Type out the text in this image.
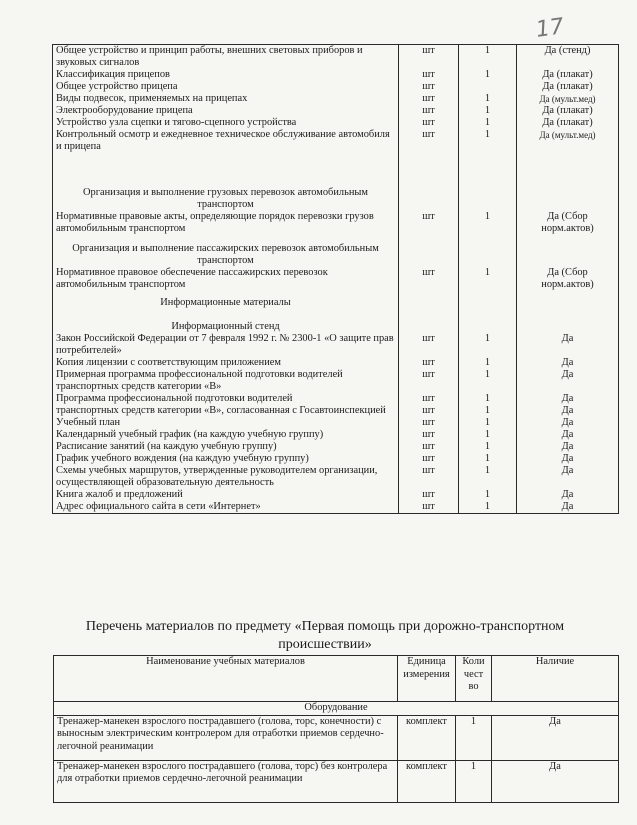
17
Общее устройство и принцип работы, внешних световых приборов и звуковых сигналов	шт	1	Да (стенд)
Классификация прицепов	шт	1	Да (плакат)
Общее устройство прицепа	шт		Да (плакат)
Виды подвесок, применяемых на прицепах	шт	1	Да (мульт.мед)
Электрооборудование прицепа	шт	1	Да (плакат)
Устройство узла сцепки и тягово-сцепного устройства	шт	1	Да (плакат)
Контрольный осмотр и ежедневное техническое обслуживание автомобиля и прицепа	шт	1	Да (мульт.мед)

Организация и выполнение грузовых перевозок автомобильным транспортом			
Нормативные правовые акты, определяющие порядок перевозки грузов автомобильным транспортом	шт	1	Да (Сбор норм.актов)
Организация и выполнение пассажирских перевозок автомобильным транспортом			
Нормативное правовое обеспечение пассажирских перевозок автомобильным транспортом	шт	1	Да (Сбор норм.актов)
Информационные материалы			
Информационный стенд			
Закон Российской Федерации от 7 февраля 1992 г. № 2300-1 «О защите прав потребителей»	шт	1	Да
Копия лицензии с соответствующим приложением	шт	1	Да
Примерная программа профессиональной подготовки водителей транспортных средств категории «В»	шт	1	Да
Программа профессиональной подготовки водителей	шт	1	Да
транспортных средств категории «В», согласованная с Госавтоинспекцией	шт	1	Да
Учебный план	шт	1	Да
Календарный учебный график (на каждую учебную группу)	шт	1	Да
Расписание занятий (на каждую учебную группу)	шт	1	Да
График учебного вождения (на каждую учебную группу)	шт	1	Да
Схемы учебных маршрутов, утвержденные руководителем организации, осуществляющей образовательную деятельность	шт	1	Да
Книга жалоб и предложений	шт	1	Да
Адрес официального сайта в сети «Интернет»	шт	1	Да
Перечень материалов по предмету «Первая помощь при дорожно-транспортном происшествии»
Наименование учебных материалов	Единица измерения	Коли чест во	Наличие
Оборудование			
Тренажер-манекен взрослого пострадавшего (голова, торс, конечности) с выносным электрическим контролером для отработки приемов сердечно-легочной реанимации	комплект	1	Да
Тренажер-манекен взрослого пострадавшего (голова, торс) без контролера для отработки приемов сердечно-легочной реанимации	комплект	1	Да
